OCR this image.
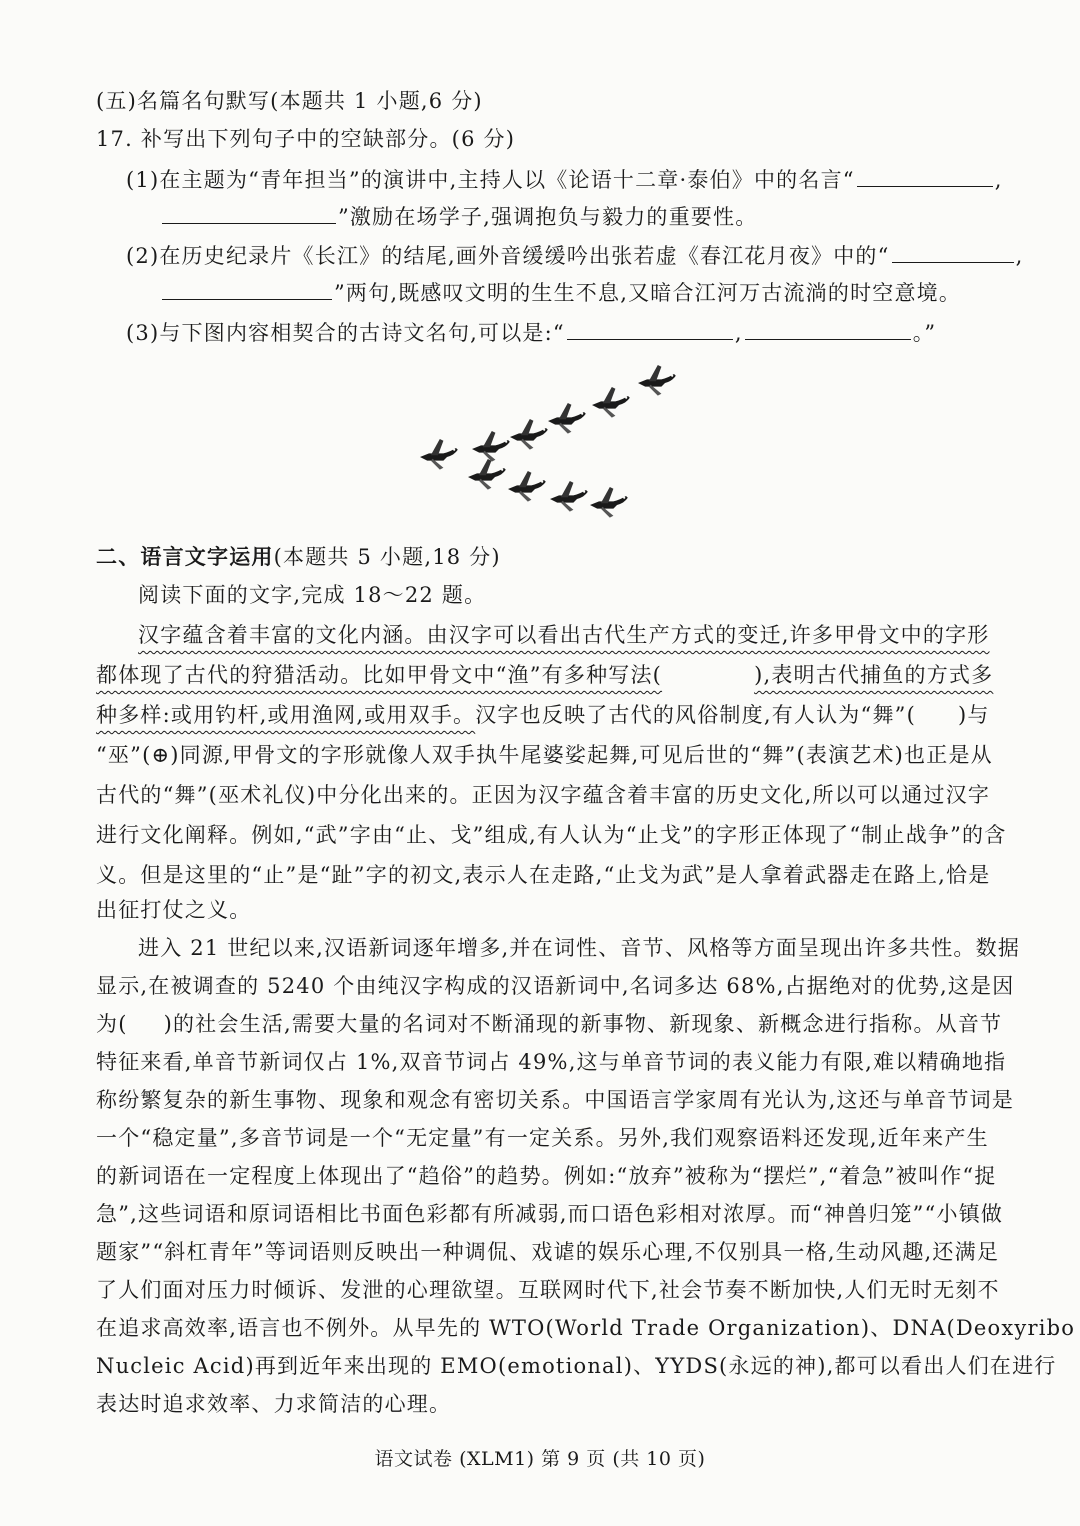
(五)名篇名句默写(本题共 1 小题,6 分)
17. 补写出下列句子中的空缺部分。(6 分)
(1)在主题为“青年担当”的演讲中,主持人以《论语十二章·泰伯》中的名言“	,
”激励在场学子,强调抱负与毅力的重要性。
(2)在历史纪录片《长江》的结尾,画外音缓缓吟出张若虚《春江花月夜》中的“	,
”两句,既感叹文明的生生不息,又暗合江河万古流淌的时空意境。
(3)与下图内容相契合的古诗文名句,可以是:“	,	。”
二、语言文字运用(本题共 5 小题,18 分)
阅读下面的文字,完成 18～22 题。
汉字蕴含着丰富的文化内涵。由汉字可以看出古代生产方式的变迁,许多甲骨文中的字形
都体现了古代的狩猎活动。比如甲骨文中“渔”有多种写法(	),表明古代捕鱼的方式多
种多样:或用钓杆,或用渔网,或用双手。汉字也反映了古代的风俗制度,有人认为“舞”( )与
“巫”(⊕)同源,甲骨文的字形就像人双手执牛尾婆娑起舞,可见后世的“舞”(表演艺术)也正是从
古代的“舞”(巫术礼仪)中分化出来的。正因为汉字蕴含着丰富的历史文化,所以可以通过汉字
进行文化阐释。例如,“武”字由“止、戈”组成,有人认为“止戈”的字形正体现了“制止战争”的含
义。但是这里的“止”是“趾”字的初文,表示人在走路,“止戈为武”是人拿着武器走在路上,恰是
出征打仗之义。
进入 21 世纪以来,汉语新词逐年增多,并在词性、音节、风格等方面呈现出许多共性。数据
显示,在被调查的 5240 个由纯汉字构成的汉语新词中,名词多达 68%,占据绝对的优势,这是因
为( )的社会生活,需要大量的名词对不断涌现的新事物、新现象、新概念进行指称。从音节
特征来看,单音节新词仅占 1%,双音节词占 49%,这与单音节词的表义能力有限,难以精确地指
称纷繁复杂的新生事物、现象和观念有密切关系。中国语言学家周有光认为,这还与单音节词是
一个“稳定量”,多音节词是一个“无定量”有一定关系。另外,我们观察语料还发现,近年来产生
的新词语在一定程度上体现出了“趋俗”的趋势。例如:“放弃”被称为“摆烂”,“着急”被叫作“捉
急”,这些词语和原词语相比书面色彩都有所减弱,而口语色彩相对浓厚。而“神兽归笼”“小镇做
题家”“斜杠青年”等词语则反映出一种调侃、戏谑的娱乐心理,不仅别具一格,生动风趣,还满足
了人们面对压力时倾诉、发泄的心理欲望。互联网时代下,社会节奏不断加快,人们无时无刻不
在追求高效率,语言也不例外。从早先的 WTO(World Trade Organization)、DNA(Deoxyribo
Nucleic Acid)再到近年来出现的 EMO(emotional)、YYDS(永远的神),都可以看出人们在进行
表达时追求效率、力求简洁的心理。
语文试卷 (XLM1) 第 9 页 (共 10 页)
